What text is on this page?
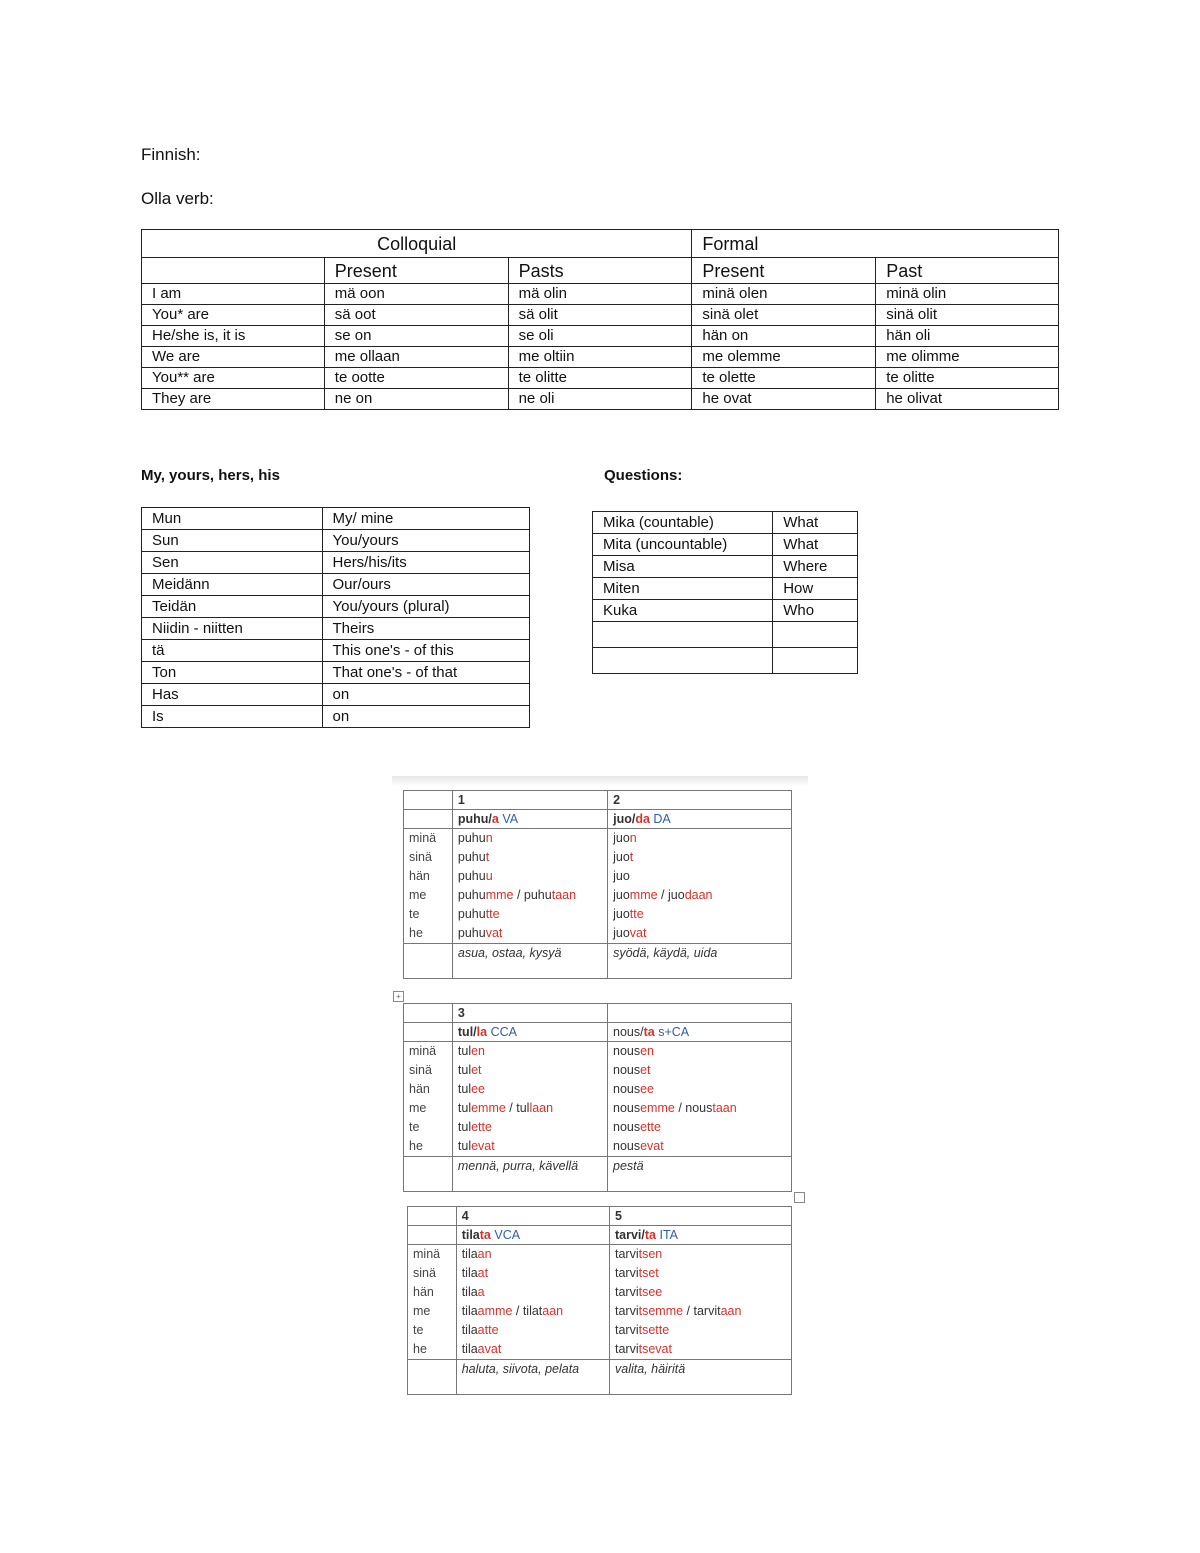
Finnish:
Olla verb:
Colloquial			Formal	
	Present	Pasts	Present	Past
I am	mä oon	mä olin	minä olen	minä olin
You* are	sä oot	sä olit	sinä olet	sinä olit
He/she is, it is	se on	se oli	hän on	hän oli
We are	me ollaan	me oltiin	me olemme	me olimme
You** are	te ootte	te olitte	te olette	te olitte
They are	ne on	ne oli	he ovat	he olivat
My, yours, hers, his	Questions:
Mun	My/ mine
Sun	You/yours
Sen	Hers/his/its
Meidänn	Our/ours
Teidän	You/yours (plural)
Niidin - niitten	Theirs
tä	This one's - of this
Ton	That one's - of that
Has	on
Is	on
Mika (countable)	What
Mita (uncountable)	What
Misa	Where
Miten	How
Kuka	Who

	1	2
	puhu/a VA	juo/da DA
minä	puhun	juon
sinä	puhut	juot
hän	puhuu	juo
me	puhumme / puhutaan	juomme / juodaan
te	puhutte	juotte
he	puhuvat	juovat
	asua, ostaa, kysyä	syödä, käydä, uida
+
	3	
	tul/la CCA	nous/ta s+CA
minä	tulen	nousen
sinä	tulet	nouset
hän	tulee	nousee
me	tulemme / tullaan	nousemme / noustaan
te	tulette	nousette
he	tulevat	nousevat
	mennä, purra, kävellä	pestä
	4	5
	tilata VCA	tarvi/ta ITA
minä	tilaan	tarvitsen
sinä	tilaat	tarvitset
hän	tilaa	tarvitsee
me	tilaamme / tilataan	tarvitsemme / tarvitaan
te	tilaatte	tarvitsette
he	tilaavat	tarvitsevat
	haluta, siivota, pelata	valita, häiritä
